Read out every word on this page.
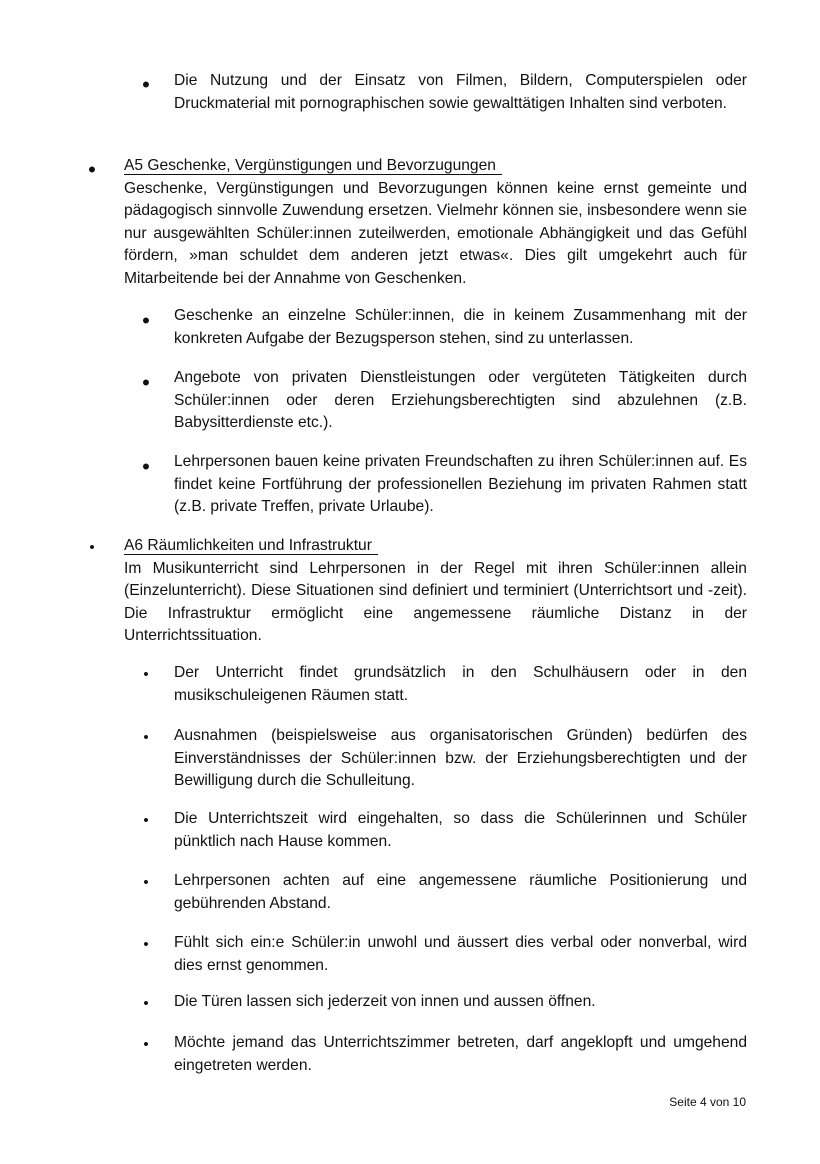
• Die Nutzung und der Einsatz von Filmen, Bildern, Computerspielen oder Druckmaterial mit pornographischen sowie gewalttätigen Inhalten sind verboten.

• A5 Geschenke, Vergünstigungen und Bevorzugungen

Geschenke, Vergünstigungen und Bevorzugungen können keine ernst gemeinte und pädagogisch sinnvolle Zuwendung ersetzen. Vielmehr können sie, insbesondere wenn sie nur ausgewählten Schüler:innen zuteilwerden, emotionale Abhängigkeit und das Gefühl fördern, »man schuldet dem anderen jetzt etwas«. Dies gilt umgekehrt auch für Mitarbeitende bei der Annahme von Geschenken.

• Geschenke an einzelne Schüler:innen, die in keinem Zusammenhang mit der konkreten Aufgabe der Bezugsperson stehen, sind zu unterlassen.

• Angebote von privaten Dienstleistungen oder vergüteten Tätigkeiten durch Schüler:innen oder deren Erziehungsberechtigten sind abzulehnen (z.B. Babysitterdienste etc.).

• Lehrpersonen bauen keine privaten Freundschaften zu ihren Schüler:innen auf. Es findet keine Fortführung der professionellen Beziehung im privaten Rahmen statt (z.B. private Treffen, private Urlaube).

• A6 Räumlichkeiten und Infrastruktur

Im Musikunterricht sind Lehrpersonen in der Regel mit ihren Schüler:innen allein (Einzelunterricht). Diese Situationen sind definiert und terminiert (Unterrichtsort und -zeit). Die Infrastruktur ermöglicht eine angemessene räumliche Distanz in der Unterrichtssituation.

• Der Unterricht findet grundsätzlich in den Schulhäusern oder in den musikschuleigenen Räumen statt.

• Ausnahmen (beispielsweise aus organisatorischen Gründen) bedürfen des Einverständnisses der Schüler:innen bzw. der Erziehungsberechtigten und der Bewilligung durch die Schulleitung.

• Die Unterrichtszeit wird eingehalten, so dass die Schülerinnen und Schüler pünktlich nach Hause kommen.

• Lehrpersonen achten auf eine angemessene räumliche Positionierung und gebührenden Abstand.

• Fühlt sich ein:e Schüler:in unwohl und äussert dies verbal oder nonverbal, wird dies ernst genommen.

• Die Türen lassen sich jederzeit von innen und aussen öffnen.

• Möchte jemand das Unterrichtszimmer betreten, darf angeklopft und umgehend eingetreten werden.

Seite 4 von 10
